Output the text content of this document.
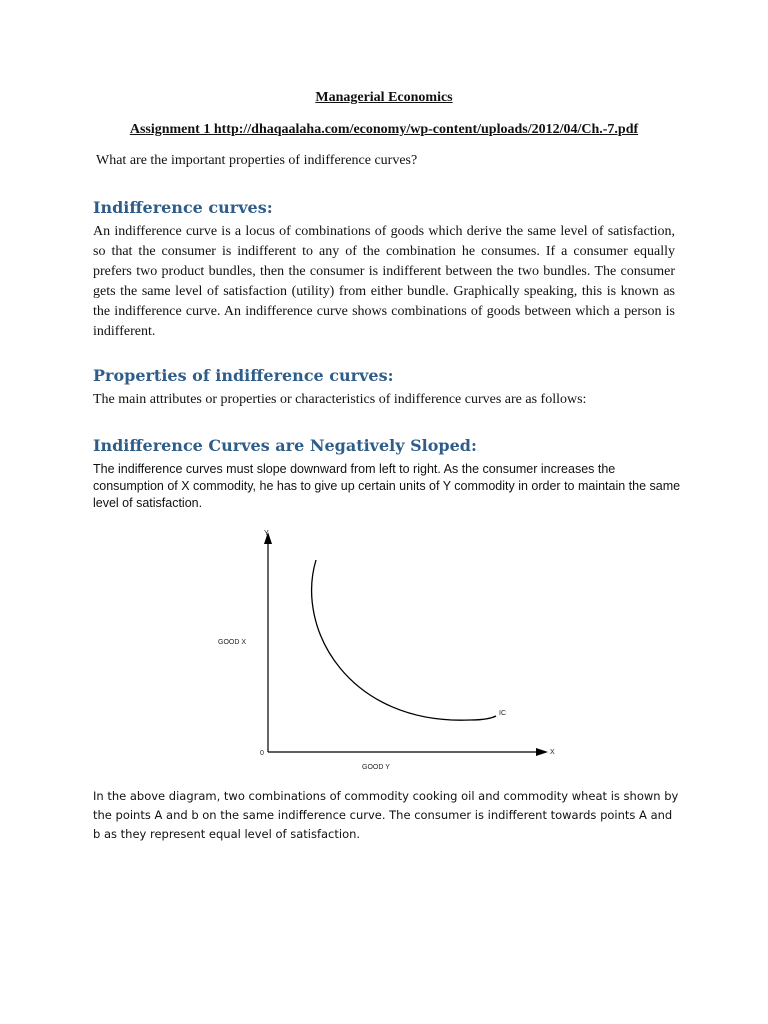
Managerial Economics
Assignment 1 http://dhaqaalaha.com/economy/wp-content/uploads/2012/04/Ch.-7.pdf
What are the important properties of indifference curves?
Indifference curves:
An indifference curve is a locus of combinations of goods which derive the same level of satisfaction, so that the consumer is indifferent to any of the combination he consumes. If a consumer equally prefers two product bundles, then the consumer is indifferent between the two bundles. The consumer gets the same level of satisfaction (utility) from either bundle. Graphically speaking, this is known as the indifference curve. An indifference curve shows combinations of goods between which a person is indifferent.
Properties of indifference curves:
The main attributes or properties or characteristics of indifference curves are as follows:
Indifference Curves are Negatively Sloped:
The indifference curves must slope downward from left to right. As the consumer increases the consumption of X commodity, he has to give up certain units of Y commodity in order to maintain the same level of satisfaction.
Y
X
GOOD X
GOOD Y
0
IC
In the above diagram, two combinations of commodity cooking oil and commodity wheat is shown by the points A and b on the same indifference curve. The consumer is indifferent towards points A and b as they represent equal level of satisfaction.
